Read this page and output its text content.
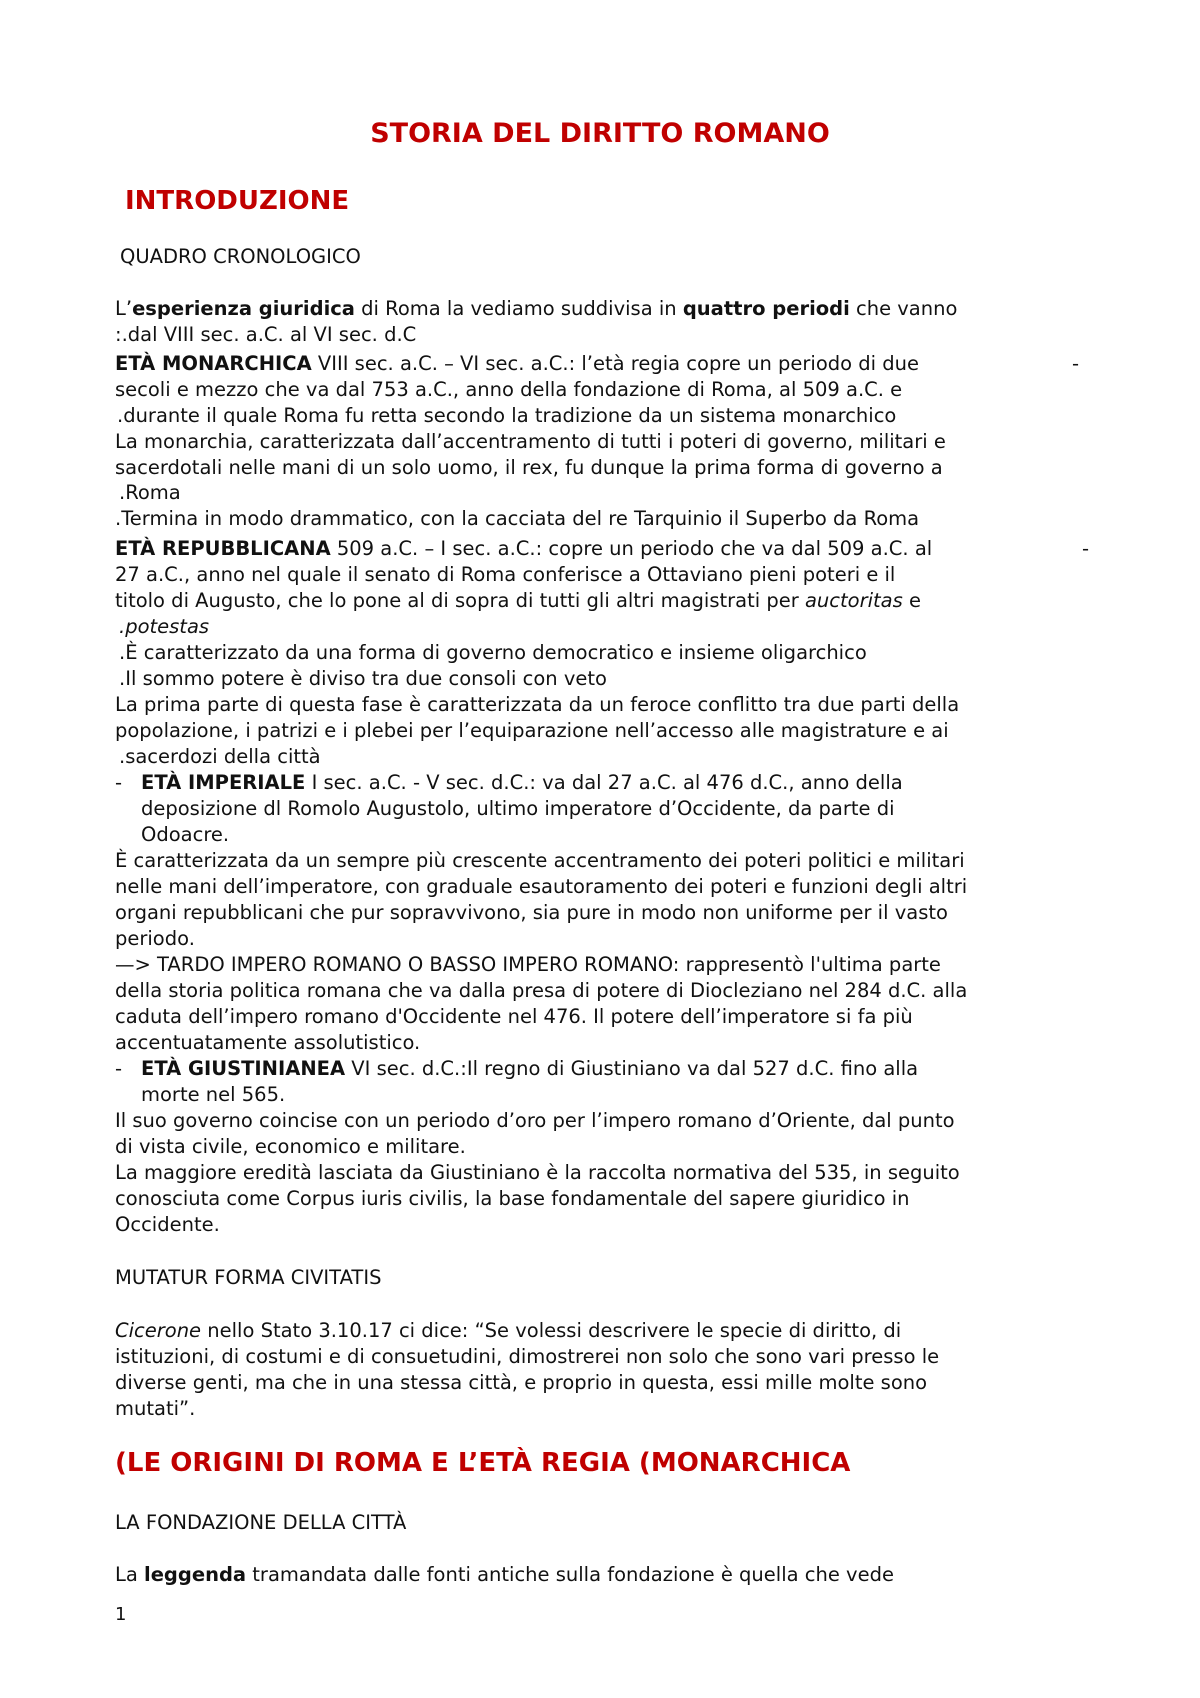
STORIA DEL DIRITTO ROMANO
INTRODUZIONE
QUADRO CRONOLOGICO
L’esperienza giuridica di Roma la vediamo suddivisa in quattro periodi che vanno
:.dal VIII sec. a.C. al VI sec. d.C
ETÀ MONARCHICA VIII sec. a.C. – VI sec. a.C.: l’età regia copre un periodo di due	-
secoli e mezzo che va dal 753 a.C., anno della fondazione di Roma, al 509 a.C. e
.durante il quale Roma fu retta secondo la tradizione da un sistema monarchico
La monarchia, caratterizzata dall’accentramento di tutti i poteri di governo, militari e
sacerdotali nelle mani di un solo uomo, il rex, fu dunque la prima forma di governo a
.Roma
.Termina in modo drammatico, con la cacciata del re Tarquinio il Superbo da Roma
ETÀ REPUBBLICANA 509 a.C. – I sec. a.C.: copre un periodo che va dal 509 a.C. al	-
27 a.C., anno nel quale il senato di Roma conferisce a Ottaviano pieni poteri e il
titolo di Augusto, che lo pone al di sopra di tutti gli altri magistrati per auctoritas e
.potestas
.È caratterizzato da una forma di governo democratico e insieme oligarchico
.Il sommo potere è diviso tra due consoli con veto
La prima parte di questa fase è caratterizzata da un feroce conflitto tra due parti della
popolazione, i patrizi e i plebei per l’equiparazione nell’accesso alle magistrature e ai
.sacerdozi della città
- ETÀ IMPERIALE I sec. a.C. - V sec. d.C.: va dal 27 a.C. al 476 d.C., anno della
deposizione dl Romolo Augustolo, ultimo imperatore d’Occidente, da parte di
Odoacre.
È caratterizzata da un sempre più crescente accentramento dei poteri politici e militari
nelle mani dell’imperatore, con graduale esautoramento dei poteri e funzioni degli altri
organi repubblicani che pur sopravvivono, sia pure in modo non uniforme per il vasto
periodo.
—> TARDO IMPERO ROMANO O BASSO IMPERO ROMANO: rappresentò l'ultima parte
della storia politica romana che va dalla presa di potere di Diocleziano nel 284 d.C. alla
caduta dell’impero romano d'Occidente nel 476. Il potere dell’imperatore si fa più
accentuatamente assolutistico.
- ETÀ GIUSTINIANEA VI sec. d.C.:Il regno di Giustiniano va dal 527 d.C. fino alla
morte nel 565.
Il suo governo coincise con un periodo d’oro per l’impero romano d’Oriente, dal punto
di vista civile, economico e militare.
La maggiore eredità lasciata da Giustiniano è la raccolta normativa del 535, in seguito
conosciuta come Corpus iuris civilis, la base fondamentale del sapere giuridico in
Occidente.
MUTATUR FORMA CIVITATIS
Cicerone nello Stato 3.10.17 ci dice: “Se volessi descrivere le specie di diritto, di
istituzioni, di costumi e di consuetudini, dimostrerei non solo che sono vari presso le
diverse genti, ma che in una stessa città, e proprio in questa, essi mille molte sono
mutati”.
(LE ORIGINI DI ROMA E L’ETÀ REGIA (MONARCHICA
LA FONDAZIONE DELLA CITTÀ
La leggenda tramandata dalle fonti antiche sulla fondazione è quella che vede
1
